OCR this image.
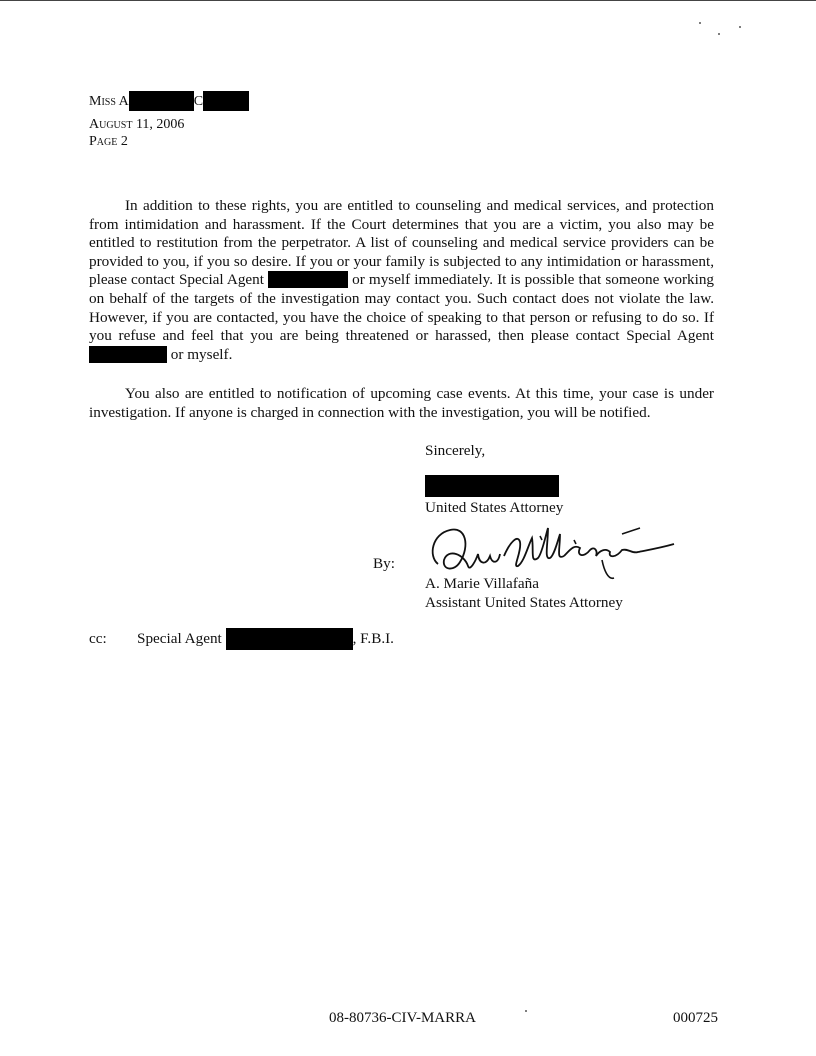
Miss A	C
August 11, 2006
Page 2

In addition to these rights, you are entitled to counseling and medical services, and protection from intimidation and harassment. If the Court determines that you are a victim, you also may be entitled to restitution from the perpetrator. A list of counseling and medical service providers can be provided to you, if you so desire. If you or your family is subjected to any intimidation or harassment, please contact Special Agent	or myself immediately. It is possible that someone working on behalf of the targets of the investigation may contact you. Such contact does not violate the law. However, if you are contacted, you have the choice of speaking to that person or refusing to do so. If you refuse and feel that you are being threatened or harassed, then please contact Special Agent  or myself.

You also are entitled to notification of upcoming case events. At this time, your case is under investigation. If anyone is charged in connection with the investigation, you will be notified.

Sincerely,
United States Attorney
By:
A. Marie Villafaña
Assistant United States Attorney
cc: Special Agent	, F.B.I.
08-80736-CIV-MARRA	000725
